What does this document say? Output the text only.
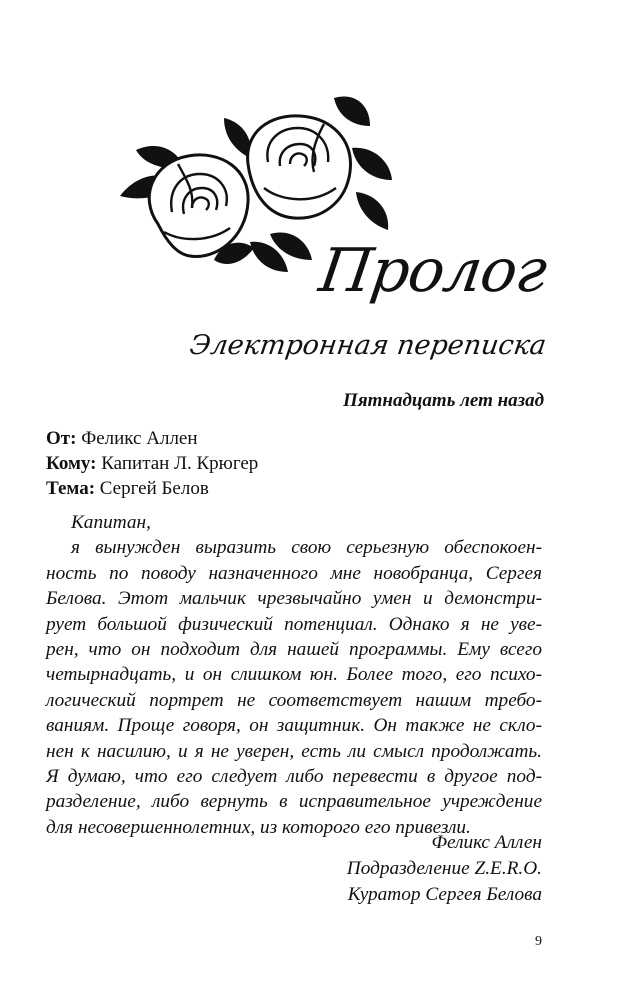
Пролог
Электронная переписка

Пятнадцать лет назад

От: Феликс Аллен
Кому: Капитан Л. Крюгер
Тема: Сергей Белов
Капитан,
я вынужден выразить свою серьезную обеспокоен-
ность по поводу назначенного мне новобранца, Сергея
Белова. Этот мальчик чрезвычайно умен и демонстри-
рует большой физический потенциал. Однако я не уве-
рен, что он подходит для нашей программы. Ему всего
четырнадцать, и он слишком юн. Более того, его психо-
логический портрет не соответствует нашим требо-
ваниям. Проще говоря, он защитник. Он также не скло-
нен к насилию, и я не уверен, есть ли смысл продолжать.
Я думаю, что его следует либо перевести в другое под-
разделение, либо вернуть в исправительное учреждение
для несовершеннолетних, из которого его привезли.
Феликс Аллен
Подразделение Z.E.R.O.
Куратор Сергея Белова
9
